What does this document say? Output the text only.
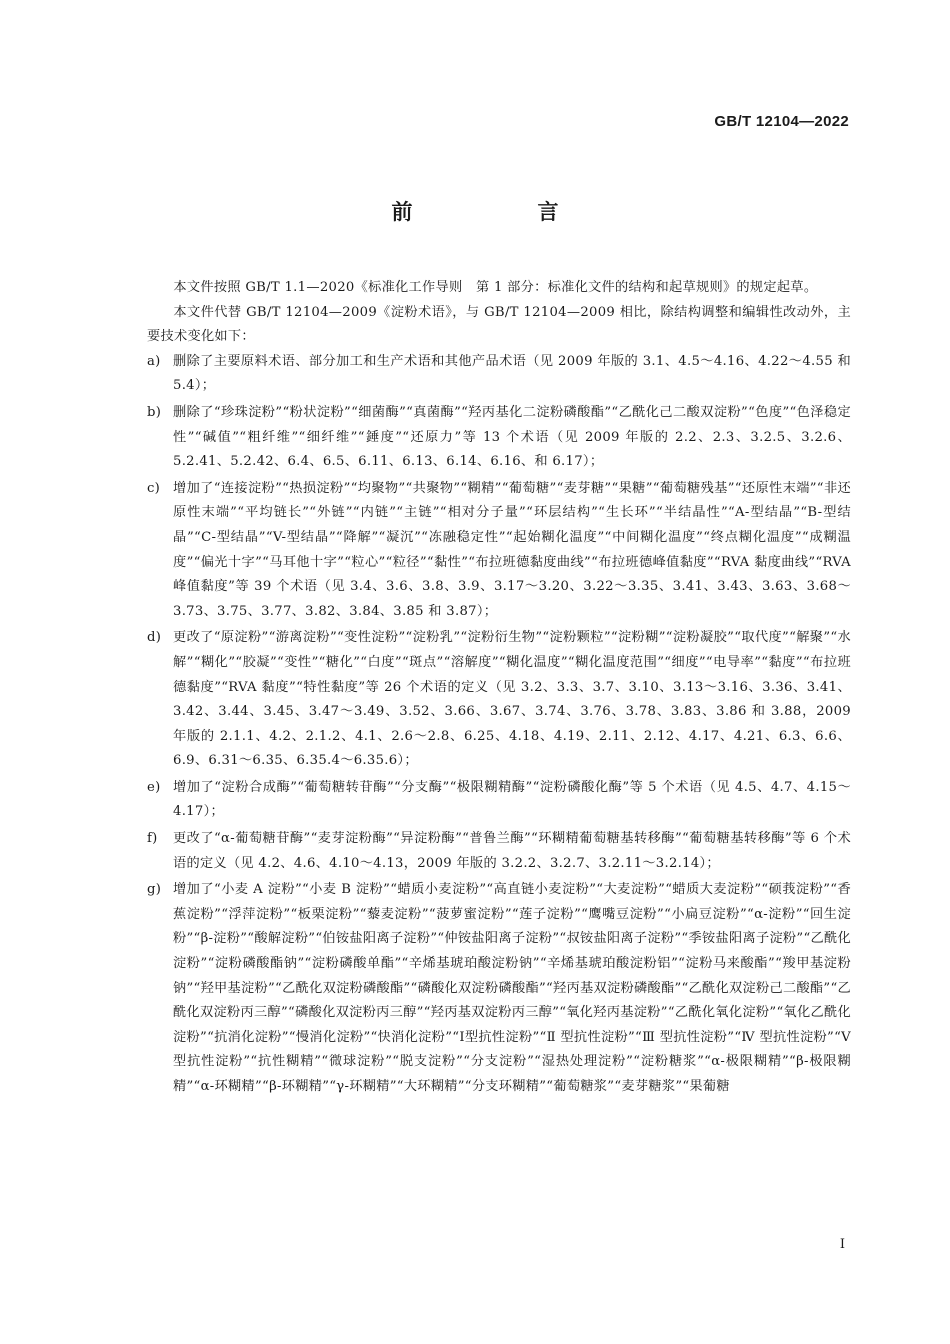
GB/T 12104—2022
前　言

本文件按照 GB/T 1.1—2020《标准化工作导则　第 1 部分：标准化文件的结构和起草规则》的规定起草。

本文件代替 GB/T 12104—2009《淀粉术语》，与 GB/T 12104—2009 相比，除结构调整和编辑性改动外，主要技术变化如下：

a) 删除了主要原料术语、部分加工和生产术语和其他产品术语（见 2009 年版的 3.1、4.5～4.16、4.22～4.55 和 5.4）；
b) 删除了“珍珠淀粉”“粉状淀粉”“细菌酶”“真菌酶”“羟丙基化二淀粉磷酸酯”“乙酰化己二酸双淀粉”“色度”“色泽稳定性”“碱值”“粗纤维”“细纤维”“錘度”“还原力”等 13 个术语（见 2009 年版的 2.2、2.3、3.2.5、3.2.6、5.2.41、5.2.42、6.4、6.5、6.11、6.13、6.14、6.16、和 6.17）；
c) 增加了“连接淀粉”“热损淀粉”“均聚物”“共聚物”“糊精”“葡萄糖”“麦芽糖”“果糖”“葡萄糖残基”“还原性末端”“非还原性末端”“平均链长”“外链”“内链”“主链”“相对分子量”“环层结构”“生长环”“半结晶性”“A-型结晶”“B-型结晶”“C-型结晶”“V-型结晶”“降解”“凝沉”“冻融稳定性”“起始糊化温度”“中间糊化温度”“终点糊化温度”“成糊温度”“偏光十字”“马耳他十字”“粒心”“粒径”“黏性”“布拉班德黏度曲线”“布拉班德峰值黏度”“RVA 黏度曲线”“RVA 峰值黏度”等 39 个术语（见 3.4、3.6、3.8、3.9、3.17～3.20、3.22～3.35、3.41、3.43、3.63、3.68～3.73、3.75、3.77、3.82、3.84、3.85 和 3.87）；
d) 更改了“原淀粉”“游离淀粉”“变性淀粉”“淀粉乳”“淀粉衍生物”“淀粉颗粒”“淀粉糊”“淀粉凝胶”“取代度”“解聚”“水解”“糊化”“胶凝”“变性”“糖化”“白度”“斑点”“溶解度”“糊化温度”“糊化温度范围”“细度”“电导率”“黏度”“布拉班德黏度”“RVA 黏度”“特性黏度”等 26 个术语的定义（见 3.2、3.3、3.7、3.10、3.13～3.16、3.36、3.41、3.42、3.44、3.45、3.47～3.49、3.52、3.66、3.67、3.74、3.76、3.78、3.83、3.86 和 3.88，2009 年版的 2.1.1、4.2、2.1.2、4.1、2.6～2.8、6.25、4.18、4.19、2.11、2.12、4.17、4.21、6.3、6.6、6.9、6.31～6.35、6.35.4～6.35.6）；
e) 增加了“淀粉合成酶”“葡萄糖转苷酶”“分支酶”“极限糊精酶”“淀粉磷酸化酶”等 5 个术语（见 4.5、4.7、4.15～4.17）；
f)	更改了“α-葡萄糖苷酶”“麦芽淀粉酶”“异淀粉酶”“普鲁兰酶”“环糊精葡萄糖基转移酶”“葡萄糖基转移酶”等 6 个术语的定义（见 4.2、4.6、4.10～4.13，2009 年版的 3.2.2、3.2.7、3.2.11～3.2.14）；
g) 增加了“小麦 A 淀粉”“小麦 B 淀粉”“蜡质小麦淀粉”“高直链小麦淀粉”“大麦淀粉”“蜡质大麦淀粉”“硕莪淀粉”“香蕉淀粉”“浮萍淀粉”“板栗淀粉”“藜麦淀粉”“菠萝蜜淀粉”“莲子淀粉”“鹰嘴豆淀粉”“小扁豆淀粉”“α-淀粉”“回生淀粉”“β-淀粉”“酸解淀粉”“伯铵盐阳离子淀粉”“仲铵盐阳离子淀粉”“叔铵盐阳离子淀粉”“季铵盐阳离子淀粉”“乙酰化淀粉”“淀粉磷酸酯钠”“淀粉磷酸单酯”“辛烯基琥珀酸淀粉钠”“辛烯基琥珀酸淀粉铝”“淀粉马来酸酯”“羧甲基淀粉钠”“羟甲基淀粉”“乙酰化双淀粉磷酸酯”“磷酸化双淀粉磷酸酯”“羟丙基双淀粉磷酸酯”“乙酰化双淀粉己二酸酯”“乙酰化双淀粉丙三醇”“磷酸化双淀粉丙三醇”“羟丙基双淀粉丙三醇”“氧化羟丙基淀粉”“乙酰化氧化淀粉”“氧化乙酰化淀粉”“抗消化淀粉”“慢消化淀粉”“快消化淀粉”“Ⅰ型抗性淀粉”“Ⅱ 型抗性淀粉”“Ⅲ 型抗性淀粉”“Ⅳ 型抗性淀粉”“Ⅴ 型抗性淀粉”“抗性糊精”“微球淀粉”“脱支淀粉”“分支淀粉”“湿热处理淀粉”“淀粉糖浆”“α-极限糊精”“β-极限糊精”“α-环糊精”“β-环糊精”“γ-环糊精”“大环糊精”“分支环糊精”“葡萄糖浆”“麦芽糖浆”“果葡糖
Ⅰ
